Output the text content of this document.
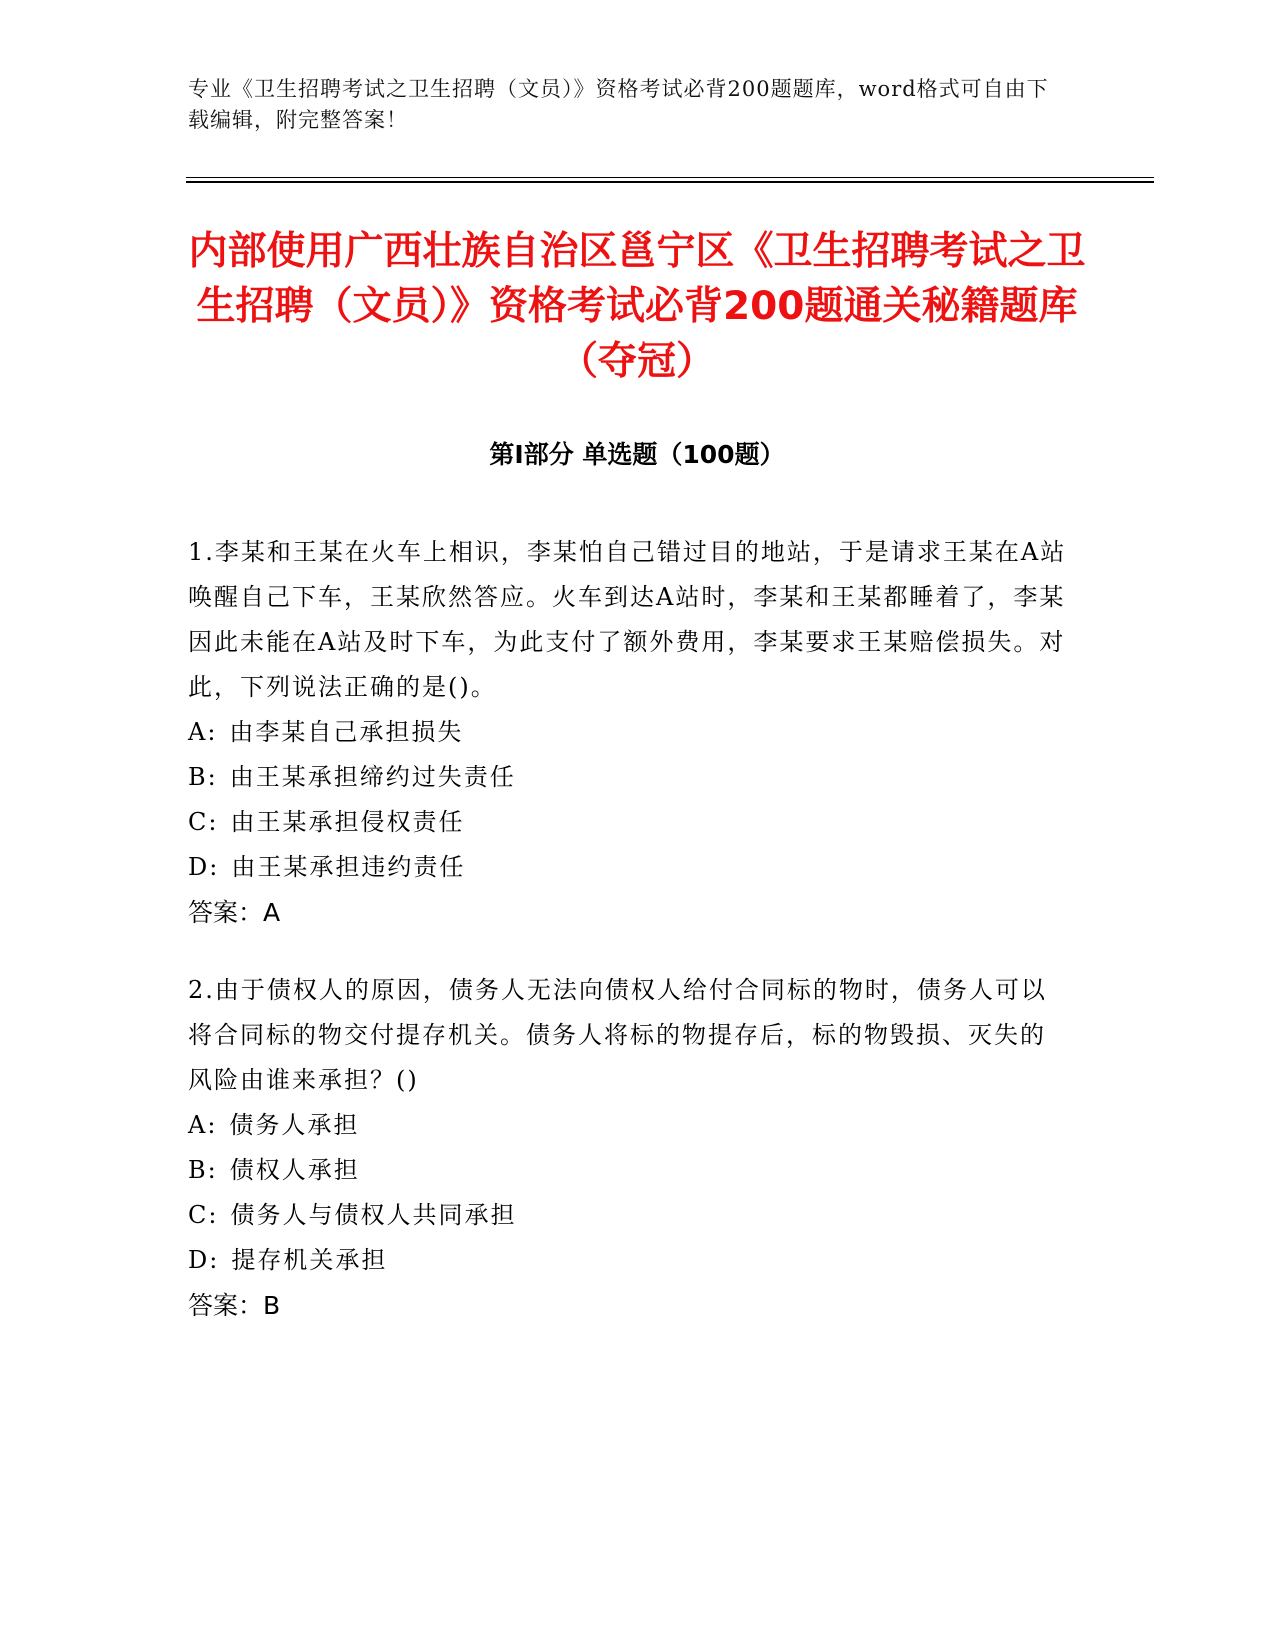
专业《卫生招聘考试之卫生招聘（文员）》资格考试必背200题题库，word格式可自由下载编辑，附完整答案！
内部使用广西壮族自治区邕宁区《卫生招聘考试之卫生招聘（文员）》资格考试必背200题通关秘籍题库（夺冠）
第Ⅰ部分 单选题（100题）

1.李某和王某在火车上相识，李某怕自己错过目的地站，于是请求王某在A站唤醒自己下车，王某欣然答应。火车到达A站时，李某和王某都睡着了，李某因此未能在A站及时下车，为此支付了额外费用，李某要求王某赔偿损失。对此，下列说法正确的是()。

A: 由李某自己承担损失

B: 由王某承担缔约过失责任

C: 由王某承担侵权责任

D: 由王某承担违约责任

答案：A

2.由于债权人的原因，债务人无法向债权人给付合同标的物时，债务人可以将合同标的物交付提存机关。债务人将标的物提存后，标的物毁损、灭失的风险由谁来承担？()

A: 债务人承担

B: 债权人承担

C: 债务人与债权人共同承担

D: 提存机关承担

答案：B
